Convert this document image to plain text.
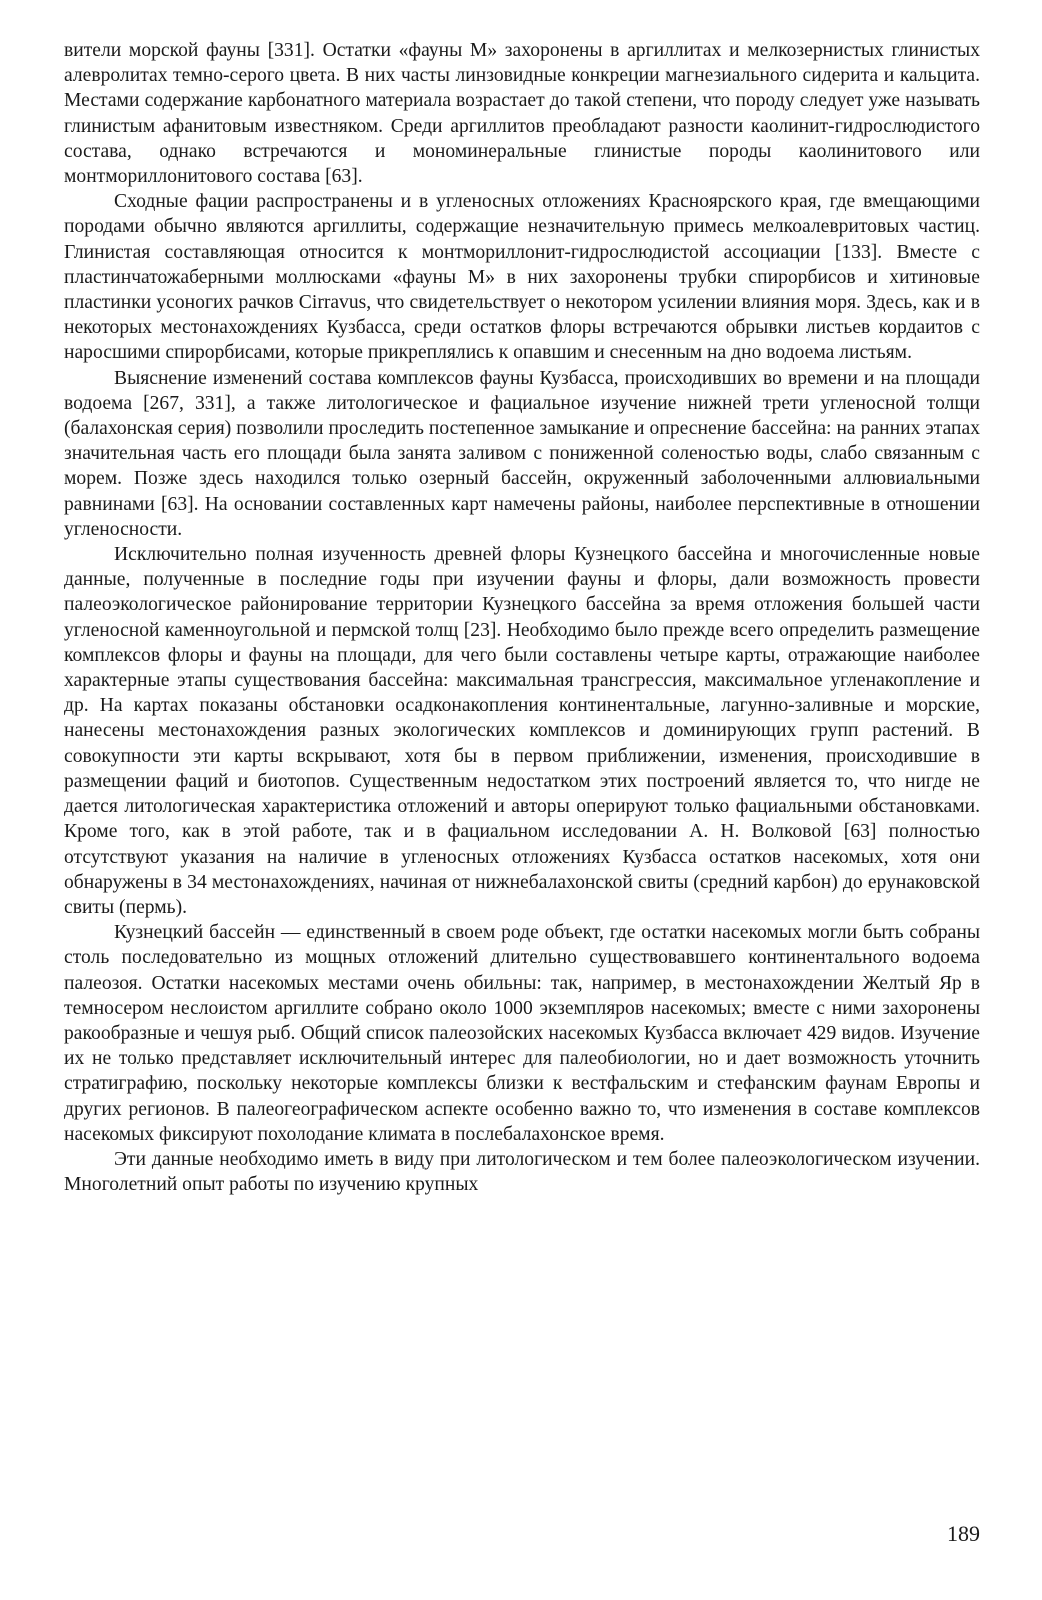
вители морской фауны [331]. Остатки «фауны М» захоронены в аргиллитах и мелкозернистых глинистых алевролитах темно-серого цвета. В них часты линзовидные конкреции магнезиального сидерита и кальцита. Местами содержание карбонатного материала возрастает до такой степени, что породу следует уже называть глинистым афанитовым известняком. Среди аргиллитов преобладают разности каолинит-гидрослюдистого состава, однако встречаются и мономинеральные глинистые породы каолинитового или монтмориллонитового состава [63].

Сходные фации распространены и в угленосных отложениях Красноярского края, где вмещающими породами обычно являются аргиллиты, содержащие незначительную примесь мелкоалевритовых частиц. Глинистая составляющая относится к монтмориллонит-гидрослюдистой ассоциации [133]. Вместе с пластинчатожаберными моллюсками «фауны М» в них захоронены трубки спирорбисов и хитиновые пластинки усоногих рачков Cirravus, что свидетельствует о некотором усилении влияния моря. Здесь, как и в некоторых местонахождениях Кузбасса, среди остатков флоры встречаются обрывки листьев кордаитов с наросшими спирорбисами, которые прикреплялись к опавшим и снесенным на дно водоема листьям.

Выяснение изменений состава комплексов фауны Кузбасса, происходивших во времени и на площади водоема [267, 331], а также литологическое и фациальное изучение нижней трети угленосной толщи (балахонская серия) позволили проследить постепенное замыкание и опреснение бассейна: на ранних этапах значительная часть его площади была занята заливом с пониженной соленостью воды, слабо связанным с морем. Позже здесь находился только озерный бассейн, окруженный заболоченными аллювиальными равнинами [63]. На основании составленных карт намечены районы, наиболее перспективные в отношении угленосности.

Исключительно полная изученность древней флоры Кузнецкого бассейна и многочисленные новые данные, полученные в последние годы при изучении фауны и флоры, дали возможность провести палеоэкологическое районирование территории Кузнецкого бассейна за время отложения большей части угленосной каменноугольной и пермской толщ [23]. Необходимо было прежде всего определить размещение комплексов флоры и фауны на площади, для чего были составлены четыре карты, отражающие наиболее характерные этапы существования бассейна: максимальная трансгрессия, максимальное угленакопление и др. На картах показаны обстановки осадконакопления континентальные, лагунно-заливные и морские, нанесены местонахождения разных экологических комплексов и доминирующих групп растений. В совокупности эти карты вскрывают, хотя бы в первом приближении, изменения, происходившие в размещении фаций и биотопов. Существенным недостатком этих построений является то, что нигде не дается литологическая характеристика отложений и авторы оперируют только фациальными обстановками. Кроме того, как в этой работе, так и в фациальном исследовании А. Н. Волковой [63] полностью отсутствуют указания на наличие в угленосных отложениях Кузбасса остатков насекомых, хотя они обнаружены в 34 местонахождениях, начиная от нижнебалахонской свиты (средний карбон) до ерунаковской свиты (пермь).

Кузнецкий бассейн — единственный в своем роде объект, где остатки насекомых могли быть собраны столь последовательно из мощных отложений длительно существовавшего континентального водоема палеозоя. Остатки насекомых местами очень обильны: так, например, в местонахождении Желтый Яр в темносером неслоистом аргиллите собрано около 1000 экземпляров насекомых; вместе с ними захоронены ракообразные и чешуя рыб. Общий список палеозойских насекомых Кузбасса включает 429 видов. Изучение их не только представляет исключительный интерес для палеобиологии, но и дает возможность уточнить стратиграфию, поскольку некоторые комплексы близки к вестфальским и стефанским фаунам Европы и других регионов. В палеогеографическом аспекте особенно важно то, что изменения в составе комплексов насекомых фиксируют похолодание климата в послебалахонское время.

Эти данные необходимо иметь в виду при литологическом и тем более палеоэкологическом изучении. Многолетний опыт работы по изучению крупных

189
